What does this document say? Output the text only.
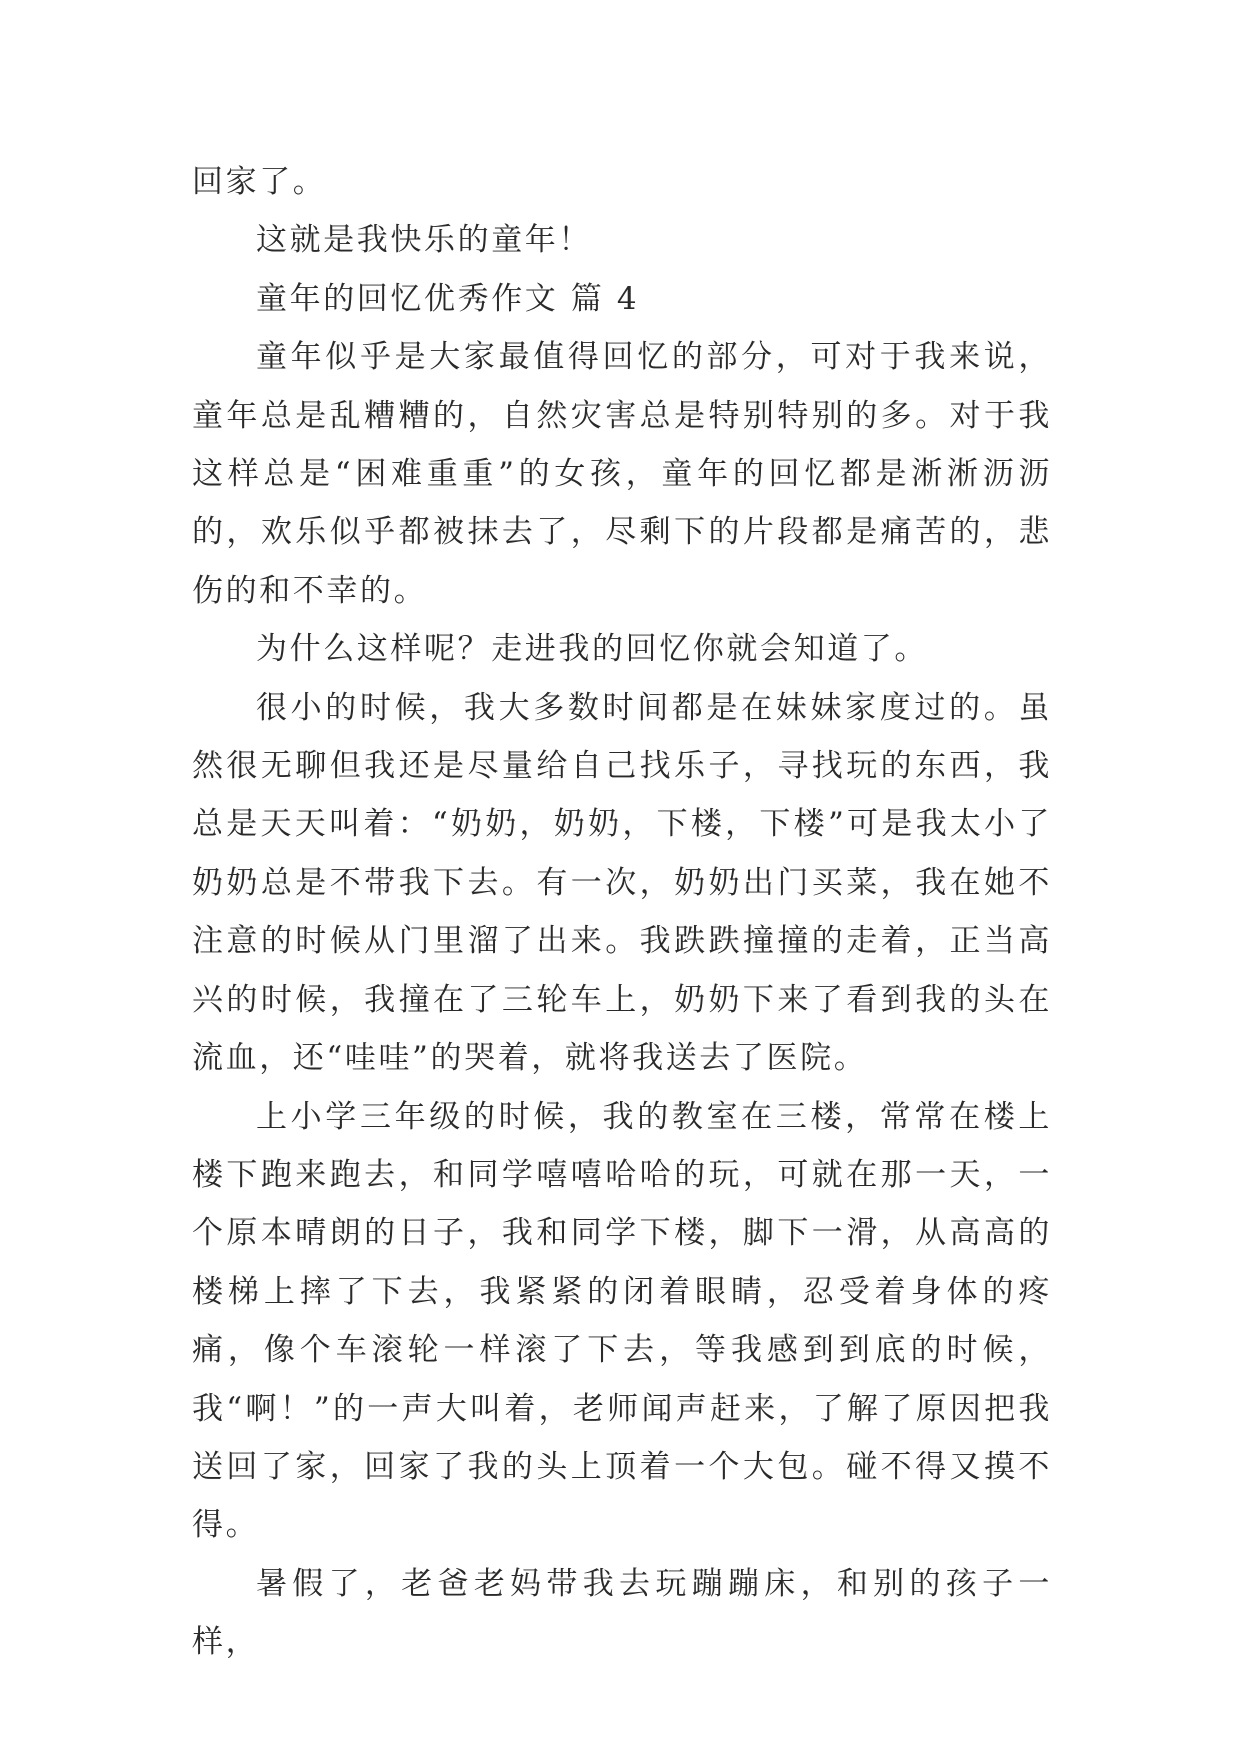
回家了。

这就是我快乐的童年！

童年的回忆优秀作文 篇 4

童年似乎是大家最值得回忆的部分，可对于我来说，童年总是乱糟糟的，自然灾害总是特别特别的多。对于我这样总是“困难重重”的女孩，童年的回忆都是淅淅沥沥的，欢乐似乎都被抹去了，尽剩下的片段都是痛苦的，悲伤的和不幸的。

为什么这样呢？走进我的回忆你就会知道了。

很小的时候，我大多数时间都是在妹妹家度过的。虽然很无聊但我还是尽量给自己找乐子，寻找玩的东西，我总是天天叫着：“奶奶，奶奶，下楼，下楼”可是我太小了奶奶总是不带我下去。有一次，奶奶出门买菜，我在她不注意的时候从门里溜了出来。我跌跌撞撞的走着，正当高兴的时候，我撞在了三轮车上，奶奶下来了看到我的头在流血，还“哇哇”的哭着，就将我送去了医院。

上小学三年级的时候，我的教室在三楼，常常在楼上楼下跑来跑去，和同学嘻嘻哈哈的玩，可就在那一天，一个原本晴朗的日子，我和同学下楼，脚下一滑，从高高的楼梯上摔了下去，我紧紧的闭着眼睛，忍受着身体的疼痛，像个车滚轮一样滚了下去，等我感到到底的时候，我“啊！”的一声大叫着，老师闻声赶来，了解了原因把我送回了家，回家了我的头上顶着一个大包。碰不得又摸不得。

暑假了，老爸老妈带我去玩蹦蹦床，和别的孩子一样，
